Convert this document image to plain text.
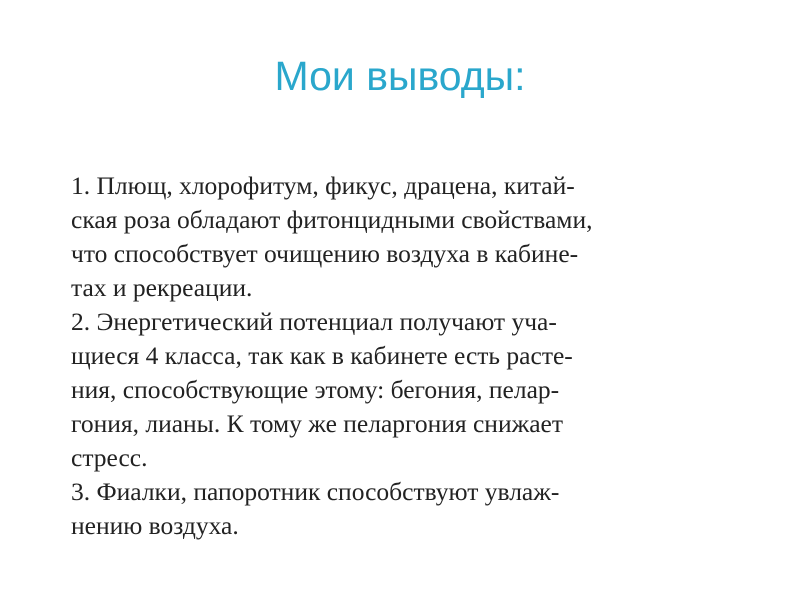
Мои выводы:
1. Плющ, хлорофитум, фикус, драцена, китай-
ская роза обладают фитонцидными свойствами,
что способствует очищению воздуха в кабине-
тах и рекреации.
2. Энергетический потенциал получают уча-
щиеся 4 класса, так как в кабинете есть расте-
ния, способствующие этому: бегония, пелар-
гония, лианы. К тому же пеларгония снижает
стресс.
3. Фиалки, папоротник способствуют увлаж-
нению воздуха.
